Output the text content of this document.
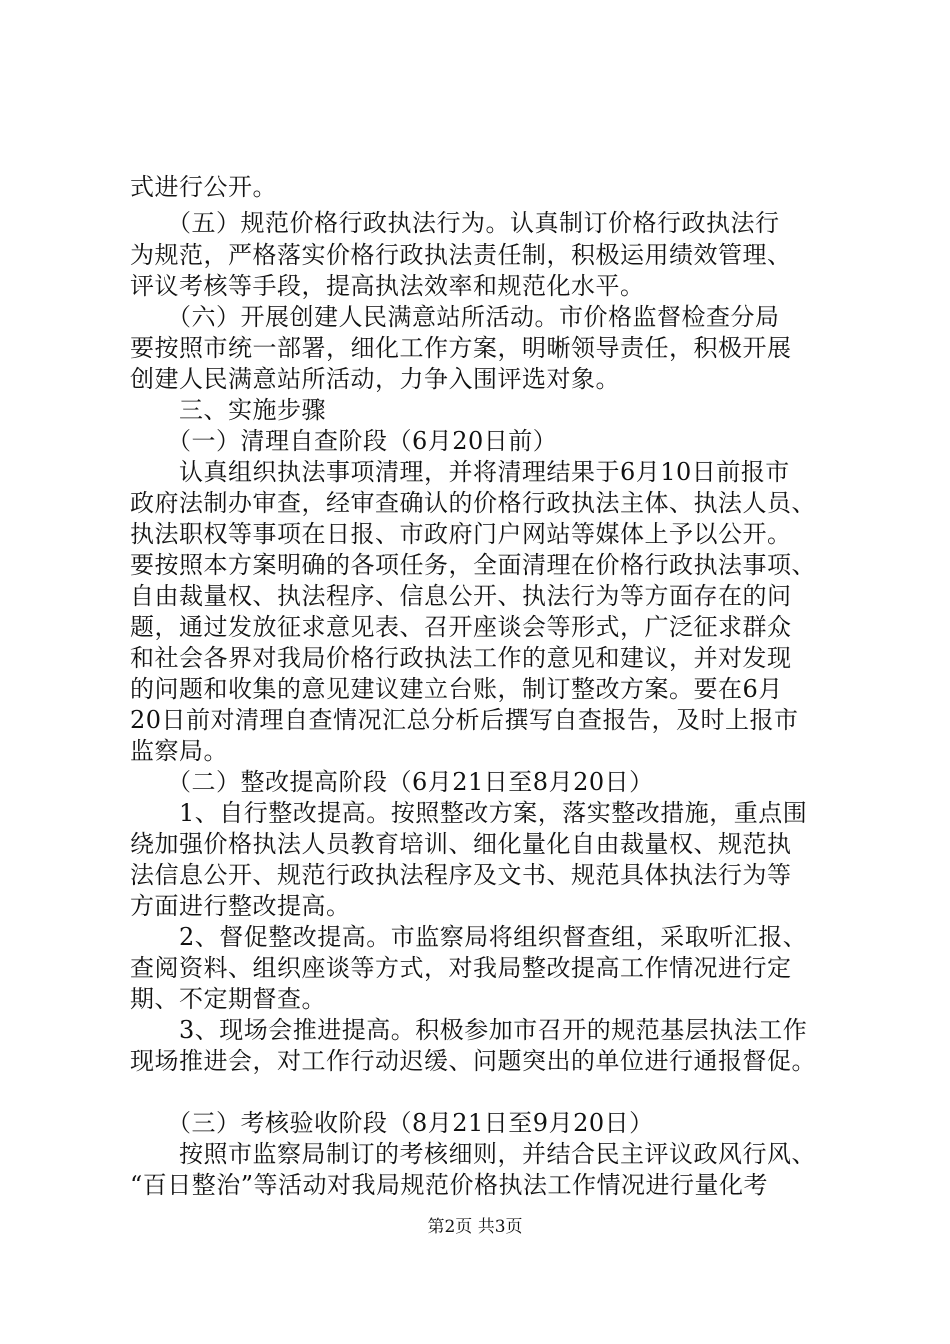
式进行公开。
　　（五）规范价格行政执法行为。认真制订价格行政执法行
为规范，严格落实价格行政执法责任制，积极运用绩效管理、
评议考核等手段，提高执法效率和规范化水平。
　　（六）开展创建人民满意站所活动。市价格监督检查分局
要按照市统一部署，细化工作方案，明晰领导责任，积极开展
创建人民满意站所活动，力争入围评选对象。
　　三、实施步骤
　　（一）清理自查阶段（6月20日前）
　　认真组织执法事项清理，并将清理结果于6月10日前报市
政府法制办审查，经审查确认的价格行政执法主体、执法人员、
执法职权等事项在日报、市政府门户网站等媒体上予以公开。
要按照本方案明确的各项任务，全面清理在价格行政执法事项、
自由裁量权、执法程序、信息公开、执法行为等方面存在的问
题，通过发放征求意见表、召开座谈会等形式，广泛征求群众
和社会各界对我局价格行政执法工作的意见和建议，并对发现
的问题和收集的意见建议建立台账，制订整改方案。要在6月
20日前对清理自查情况汇总分析后撰写自查报告，及时上报市
监察局。
　　（二）整改提高阶段（6月21日至8月20日）
　　1、自行整改提高。按照整改方案，落实整改措施，重点围
绕加强价格执法人员教育培训、细化量化自由裁量权、规范执
法信息公开、规范行政执法程序及文书、规范具体执法行为等
方面进行整改提高。
　　2、督促整改提高。市监察局将组织督查组，采取听汇报、
查阅资料、组织座谈等方式，对我局整改提高工作情况进行定
期、不定期督查。
　　3、现场会推进提高。积极参加市召开的规范基层执法工作
现场推进会，对工作行动迟缓、问题突出的单位进行通报督促。
　　（三）考核验收阶段（8月21日至9月20日）
　　按照市监察局制订的考核细则，并结合民主评议政风行风、
“百日整治”等活动对我局规范价格执法工作情况进行量化考
第2页 共3页
